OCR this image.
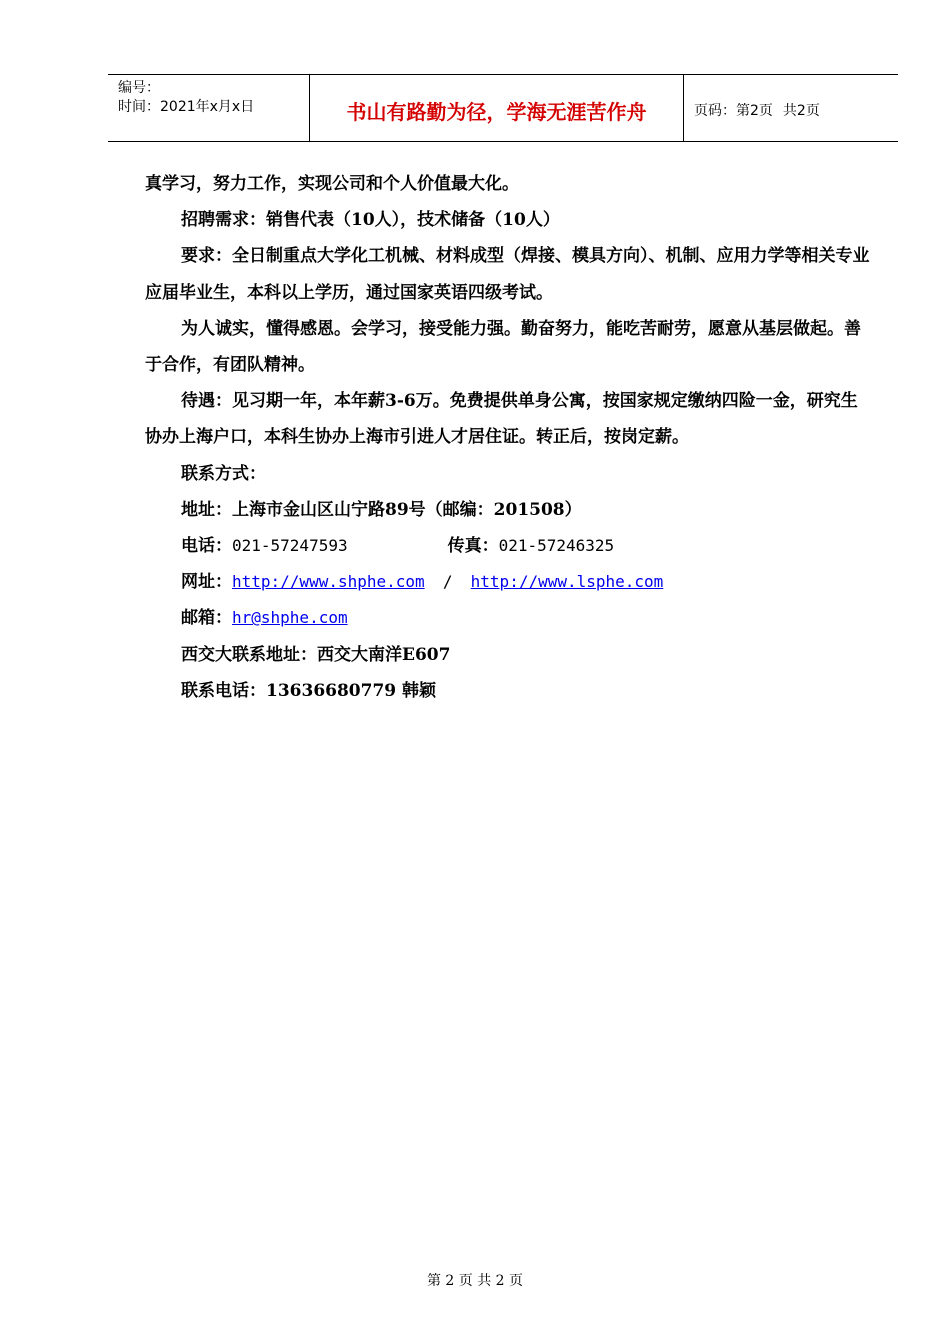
编号：
时间：2021年x月x日	书山有路勤为径，学海无涯苦作舟	页码：第2页 共2页

真学习，努力工作，实现公司和个人价值最大化。

招聘需求：销售代表（10人），技术储备（10人）

要求：全日制重点大学化工机械、材料成型（焊接、模具方向）、机制、应用力学等相关专业应届毕业生，本科以上学历，通过国家英语四级考试。

为人诚实，懂得感恩。会学习，接受能力强。勤奋努力，能吃苦耐劳，愿意从基层做起。善于合作，有团队精神。

待遇：见习期一年，本年薪3-6万。免费提供单身公寓，按国家规定缴纳四险一金，研究生协办上海户口，本科生协办上海市引进人才居住证。转正后，按岗定薪。

联系方式：

地址：上海市金山区山宁路89号（邮编：201508）

电话：021-57247593	传真：021-57246325

网址：http://www.shphe.com / http://www.lsphe.com

邮箱：hr@shphe.com

西交大联系地址：西交大南洋E607

联系电话：13636680779 韩颖

第 2 页 共 2 页
